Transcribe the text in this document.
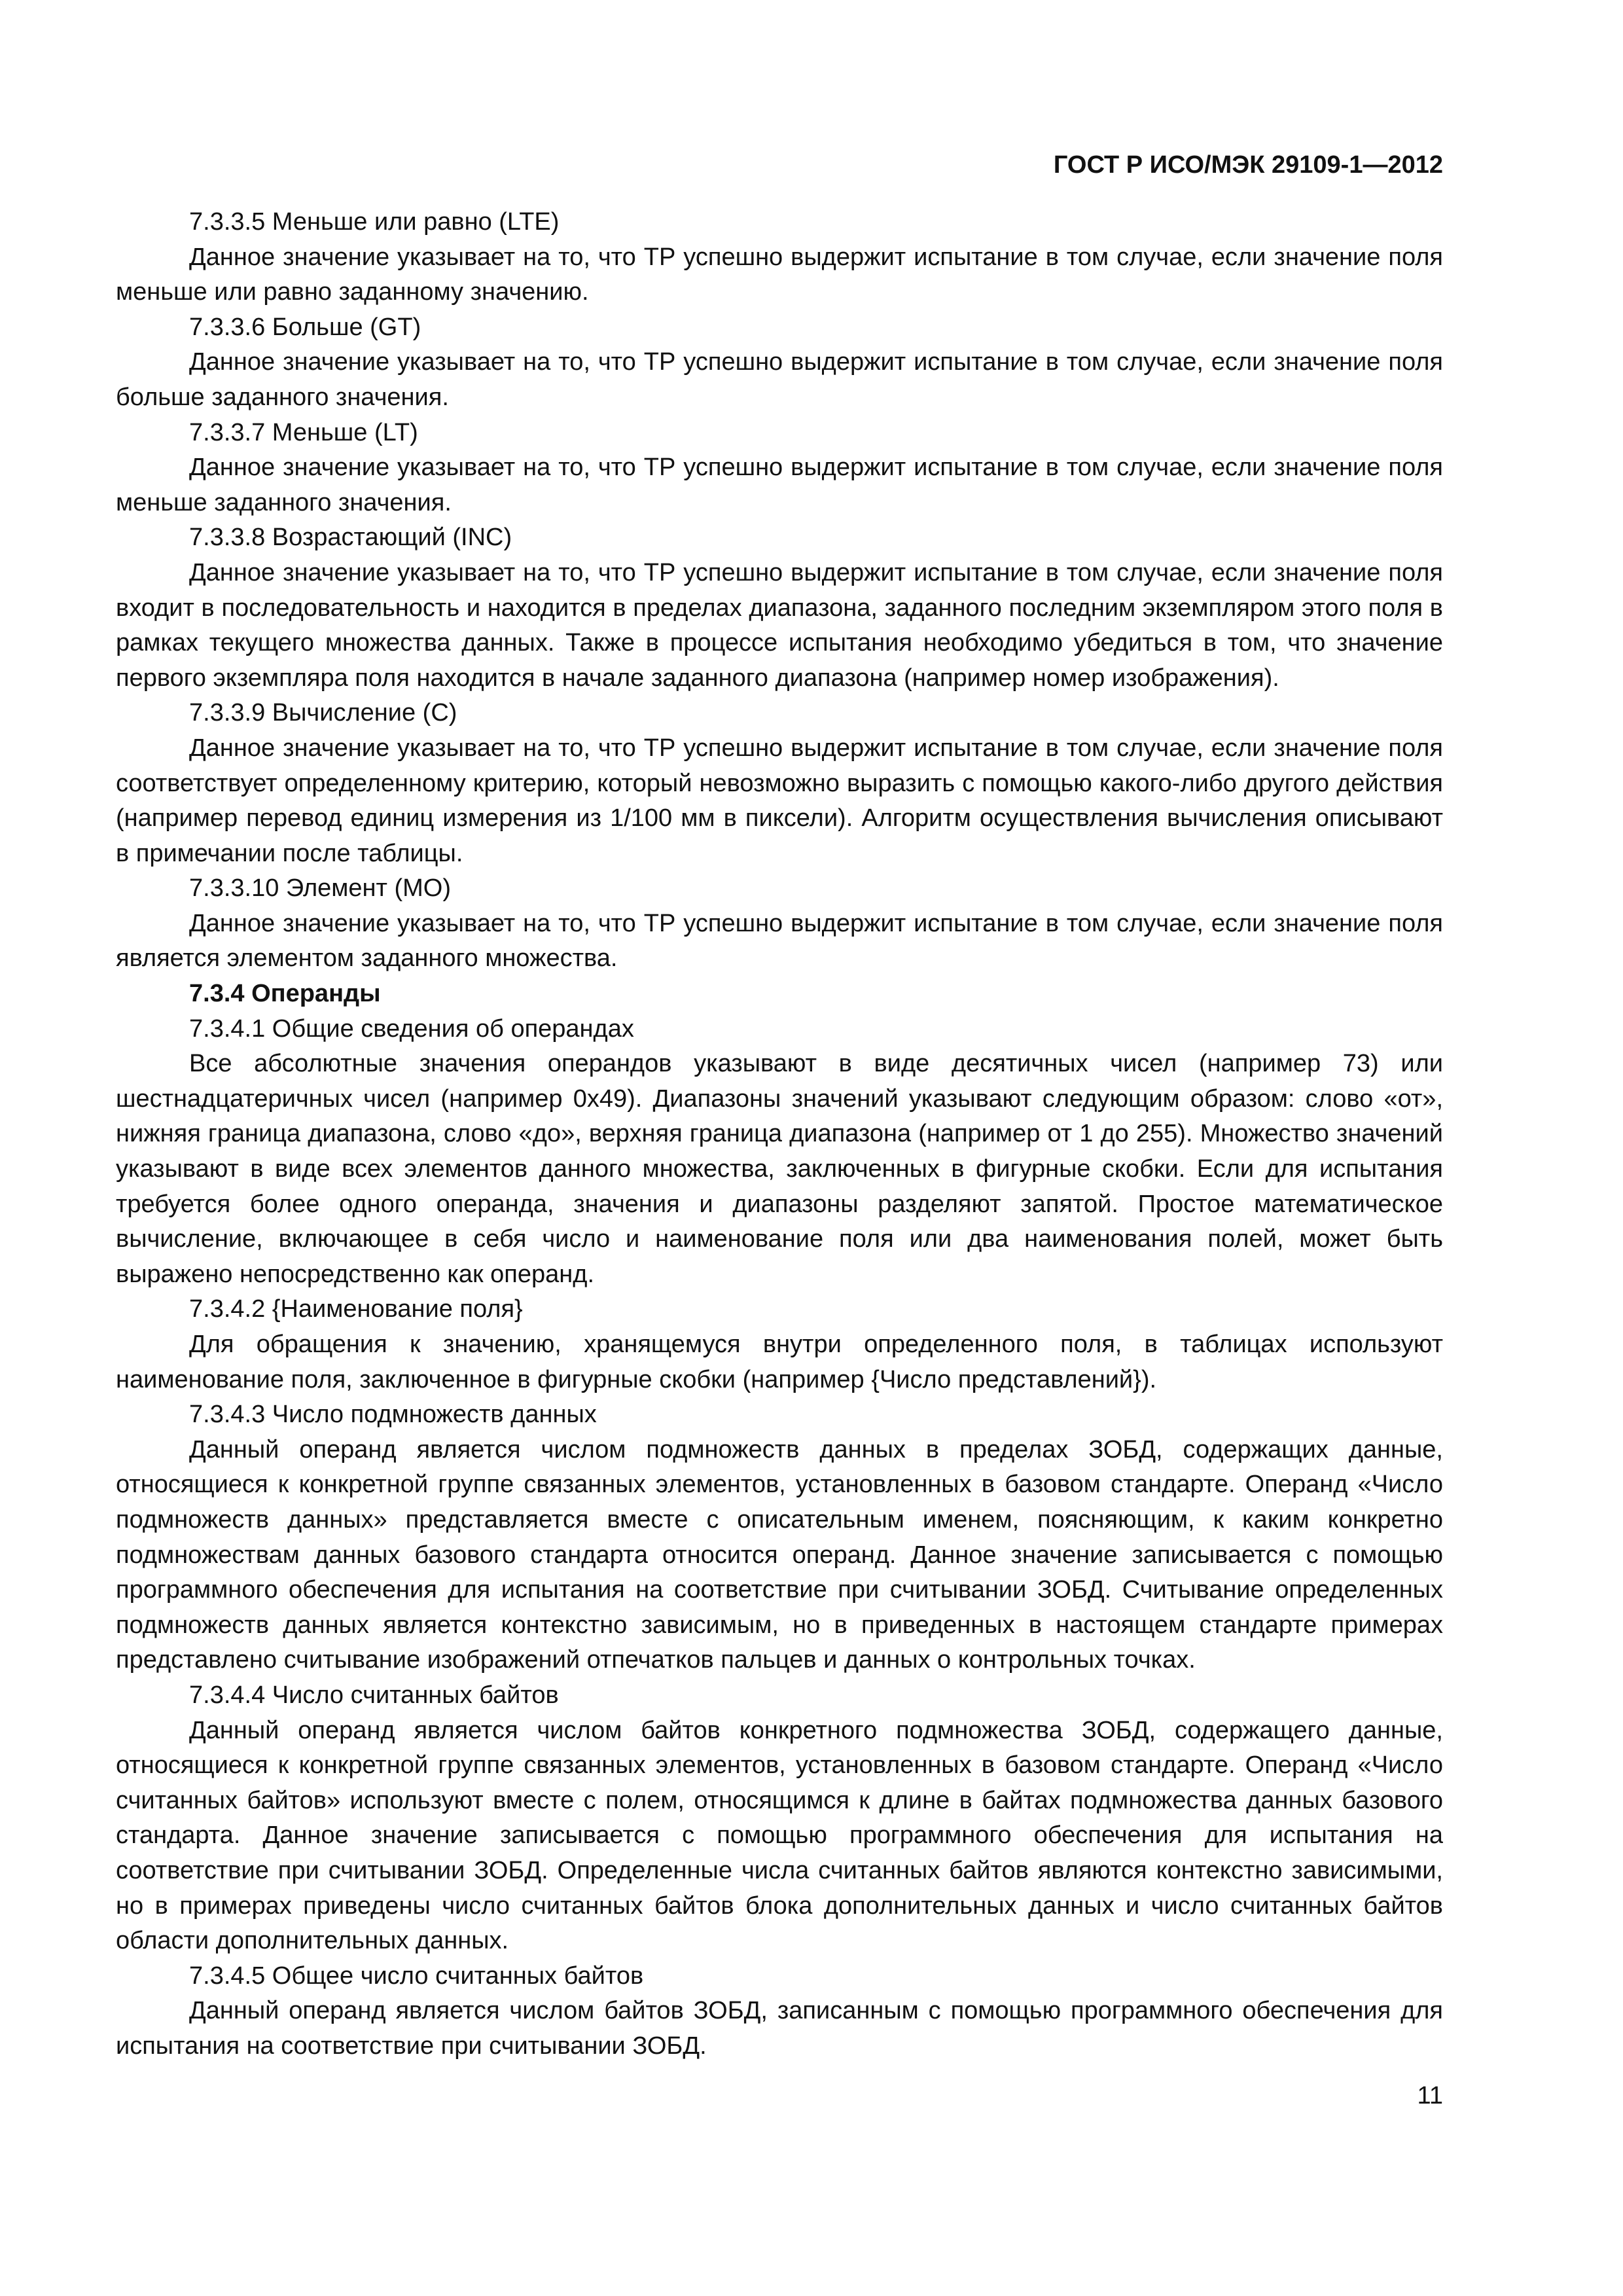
ГОСТ Р ИСО/МЭК 29109-1—2012

7.3.3.5 Меньше или равно (LTE)

Данное значение указывает на то, что ТР успешно выдержит испытание в том случае, если значение поля меньше или равно заданному значению.

7.3.3.6 Больше (GT)

Данное значение указывает на то, что ТР успешно выдержит испытание в том случае, если значение поля больше заданного значения.

7.3.3.7 Меньше (LT)

Данное значение указывает на то, что ТР успешно выдержит испытание в том случае, если значение поля меньше заданного значения.

7.3.3.8 Возрастающий (INC)

Данное значение указывает на то, что ТР успешно выдержит испытание в том случае, если значение поля входит в последовательность и находится в пределах диапазона, заданного последним экземпляром этого поля в рамках текущего множества данных. Также в процессе испытания необходимо убедиться в том, что значение первого экземпляра поля находится в начале заданного диапазона (например номер изображения).

7.3.3.9 Вычисление (C)

Данное значение указывает на то, что ТР успешно выдержит испытание в том случае, если значение поля соответствует определенному критерию, который невозможно выразить с помощью какого-либо другого действия (например перевод единиц измерения из 1/100 мм в пиксели). Алгоритм осуществления вычисления описывают в примечании после таблицы.

7.3.3.10 Элемент (MO)

Данное значение указывает на то, что ТР успешно выдержит испытание в том случае, если значение поля является элементом заданного множества.

7.3.4 Операнды

7.3.4.1 Общие сведения об операндах

Все абсолютные значения операндов указывают в виде десятичных чисел (например 73) или шестнадцатеричных чисел (например 0x49). Диапазоны значений указывают следующим образом: слово «от», нижняя граница диапазона, слово «до», верхняя граница диапазона (например от 1 до 255). Множество значений указывают в виде всех элементов данного множества, заключенных в фигурные скобки. Если для испытания требуется более одного операнда, значения и диапазоны разделяют запятой. Простое математическое вычисление, включающее в себя число и наименование поля или два наименования полей, может быть выражено непосредственно как операнд.

7.3.4.2 {Наименование поля}

Для обращения к значению, хранящемуся внутри определенного поля, в таблицах используют наименование поля, заключенное в фигурные скобки (например {Число представлений}).

7.3.4.3 Число подмножеств данных

Данный операнд является числом подмножеств данных в пределах ЗОБД, содержащих данные, относящиеся к конкретной группе связанных элементов, установленных в базовом стандарте. Операнд «Число подмножеств данных» представляется вместе с описательным именем, поясняющим, к каким конкретно подмножествам данных базового стандарта относится операнд. Данное значение записывается с помощью программного обеспечения для испытания на соответствие при считывании ЗОБД. Считывание определенных подмножеств данных является контекстно зависимым, но в приведенных в настоящем стандарте примерах представлено считывание изображений отпечатков пальцев и данных о контрольных точках.

7.3.4.4 Число считанных байтов

Данный операнд является числом байтов конкретного подмножества ЗОБД, содержащего данные, относящиеся к конкретной группе связанных элементов, установленных в базовом стандарте. Операнд «Число считанных байтов» используют вместе с полем, относящимся к длине в байтах подмножества данных базового стандарта. Данное значение записывается с помощью программного обеспечения для испытания на соответствие при считывании ЗОБД. Определенные числа считанных байтов являются контекстно зависимыми, но в примерах приведены число считанных байтов блока дополнительных данных и число считанных байтов области дополнительных данных.

7.3.4.5 Общее число считанных байтов

Данный операнд является числом байтов ЗОБД, записанным с помощью программного обеспечения для испытания на соответствие при считывании ЗОБД.

11
